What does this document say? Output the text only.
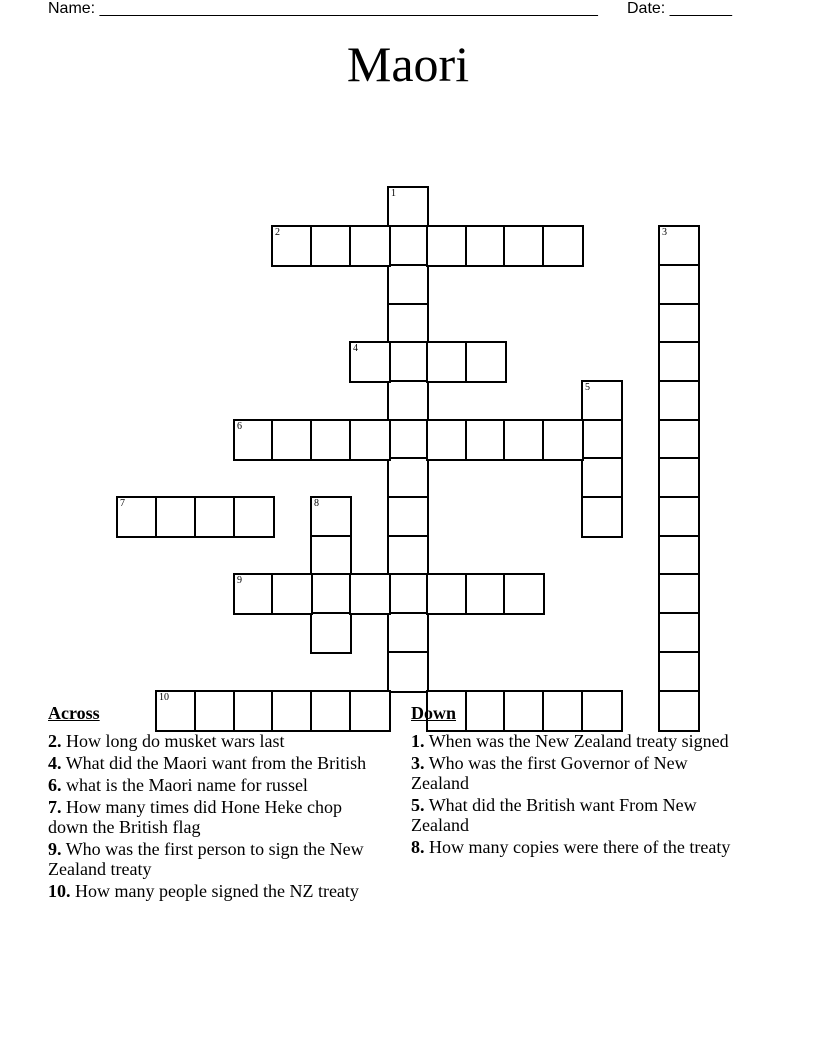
Name: ________________________________________________________ Date: _______
Maori
1
2	3
4
5
6
7	8
9
10
Across
2. How long do musket wars last
4. What did the Maori want from the British
6. what is the Maori name for russel
7. How many times did Hone Heke chop down the British flag
9. Who was the first person to sign the New Zealand treaty
10. How many people signed the NZ treaty
Down
1. When was the New Zealand treaty signed
3. Who was the first Governor of New Zealand
5. What did the British want From New Zealand
8. How many copies were there of the treaty
